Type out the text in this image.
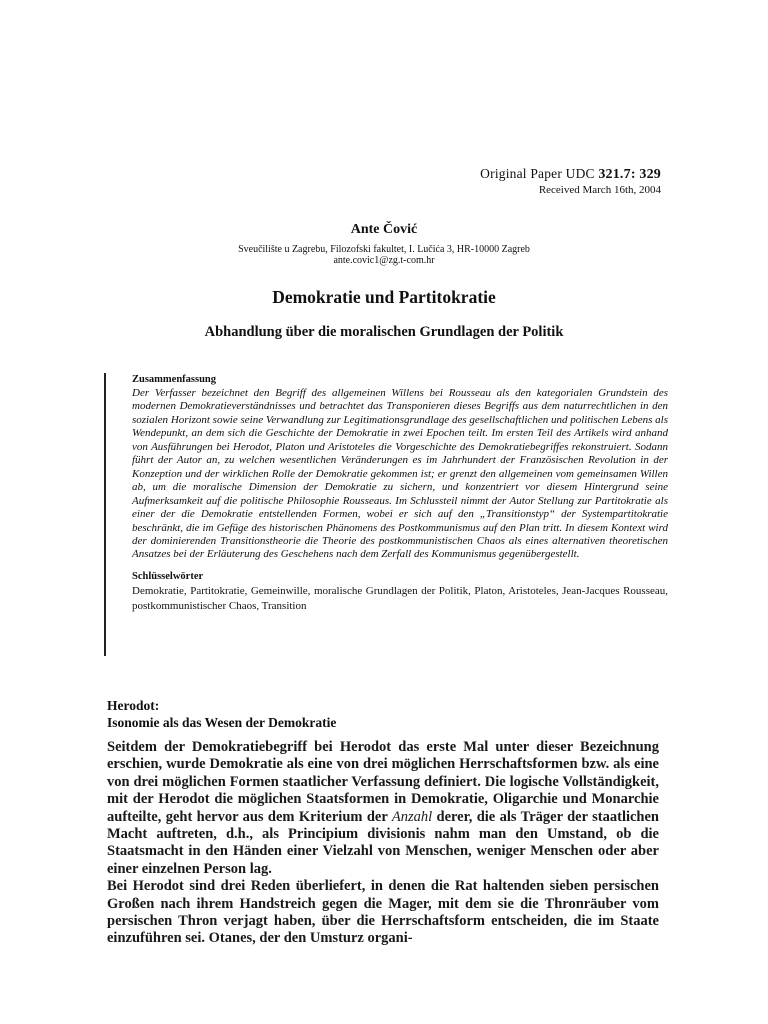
Original Paper UDC 321.7: 329
Received March 16th, 2004
Ante Čović
Sveučilište u Zagrebu, Filozofski fakultet, I. Lučića 3, HR-10000 Zagreb
ante.covic1@zg.t-com.hr
Demokratie und Partitokratie
Abhandlung über die moralischen Grundlagen der Politik
Zusammenfassung

Der Verfasser bezeichnet den Begriff des allgemeinen Willens bei Rousseau als den kategorialen Grundstein des modernen Demokratieverständnisses und betrachtet das Transponieren dieses Begriffs aus dem naturrechtlichen in den sozialen Horizont sowie seine Verwandlung zur Legitimationsgrundlage des gesellschaftlichen und politischen Lebens als Wendepunkt, an dem sich die Geschichte der Demokratie in zwei Epochen teilt. Im ersten Teil des Artikels wird anhand von Ausführungen bei Herodot, Platon und Aristoteles die Vorgeschichte des Demokratiebegriffes rekonstruiert. Sodann führt der Autor an, zu welchen wesentlichen Veränderungen es im Jahrhundert der Französischen Revolution in der Konzeption und der wirklichen Rolle der Demokratie gekommen ist; er grenzt den allgemeinen vom gemeinsamen Willen ab, um die moralische Dimension der Demokratie zu sichern, und konzentriert vor diesem Hintergrund seine Aufmerksamkeit auf die politische Philosophie Rousseaus. Im Schlussteil nimmt der Autor Stellung zur Partitokratie als einer der die Demokratie entstellenden Formen, wobei er sich auf den „Transitionstyp“ der Systempartitokratie beschränkt, die im Gefüge des historischen Phänomens des Postkommunismus auf den Plan tritt. In diesem Kontext wird der dominierenden Transitionstheorie die Theorie des postkommunistischen Chaos als eines alternativen theoretischen Ansatzes bei der Erläuterung des Geschehens nach dem Zerfall des Kommunismus gegenübergestellt.

Schlüsselwörter

Demokratie, Partitokratie, Gemeinwille, moralische Grundlagen der Politik, Platon, Aristoteles, Jean-Jacques Rousseau, postkommunistischer Chaos, Transition

Herodot:
Isonomie als das Wesen der Demokratie

Seitdem der Demokratiebegriff bei Herodot das erste Mal unter dieser Bezeichnung erschien, wurde Demokratie als eine von drei möglichen Herrschaftsformen bzw. als eine von drei möglichen Formen staatlicher Verfassung definiert. Die logische Vollständigkeit, mit der Herodot die möglichen Staatsformen in Demokratie, Oligarchie und Monarchie aufteilte, geht hervor aus dem Kriterium der Anzahl derer, die als Träger der staatlichen Macht auftreten, d.h., als Principium divisionis nahm man den Umstand, ob die Staatsmacht in den Händen einer Vielzahl von Menschen, weniger Menschen oder aber einer einzelnen Person lag.

Bei Herodot sind drei Reden überliefert, in denen die Rat haltenden sieben persischen Großen nach ihrem Handstreich gegen die Mager, mit dem sie die Thronräuber vom persischen Thron verjagt haben, über die Herrschaftsform entscheiden, die im Staate einzuführen sei. Otanes, der den Umsturz organi-
